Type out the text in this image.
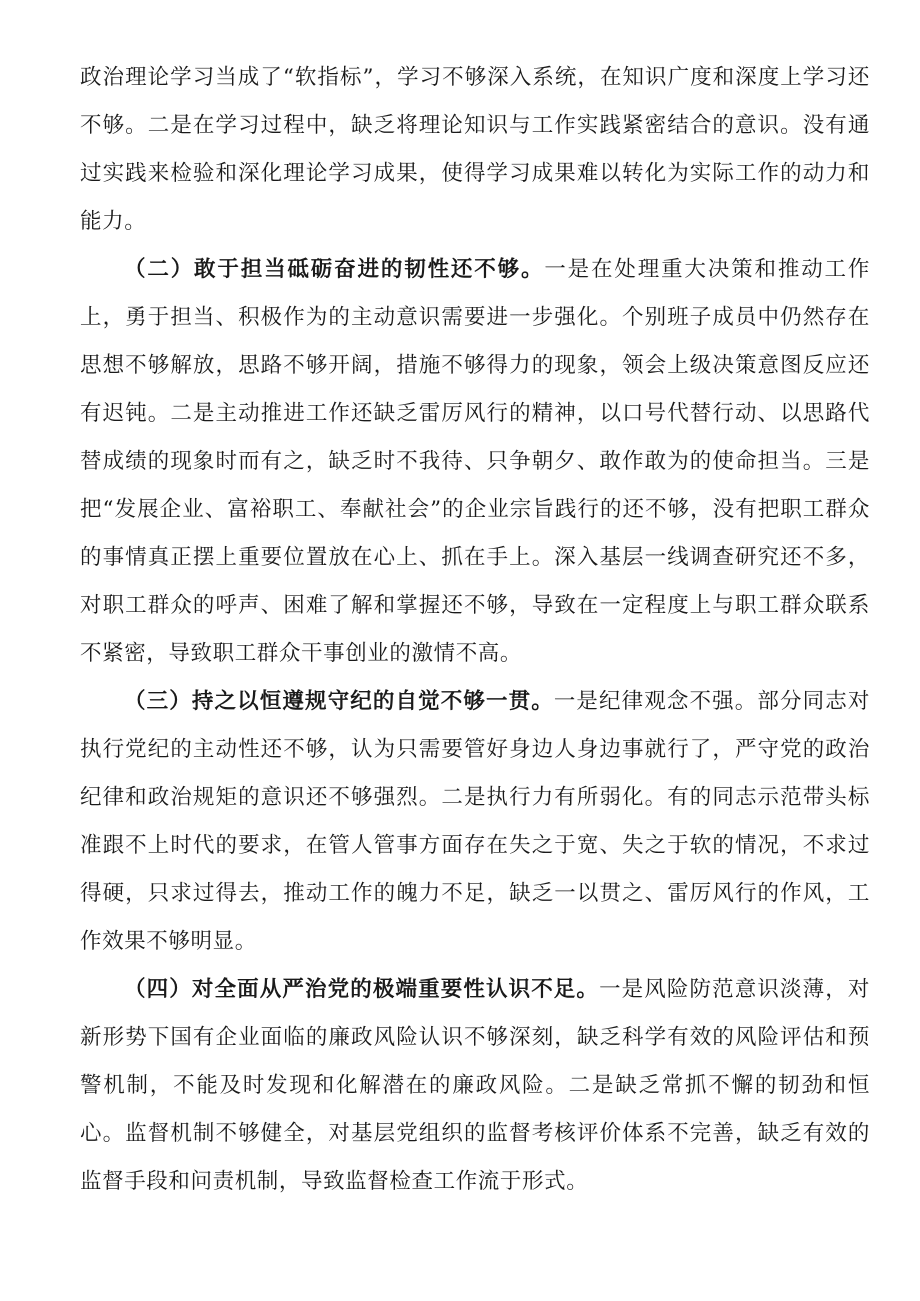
政治理论学习当成了“软指标”，学习不够深入系统，在知识广度和深度上学习还不够。二是在学习过程中，缺乏将理论知识与工作实践紧密结合的意识。没有通过实践来检验和深化理论学习成果，使得学习成果难以转化为实际工作的动力和能力。

（二）敢于担当砥砺奋进的韧性还不够。一是在处理重大决策和推动工作上，勇于担当、积极作为的主动意识需要进一步强化。个别班子成员中仍然存在思想不够解放，思路不够开阔，措施不够得力的现象，领会上级决策意图反应还有迟钝。二是主动推进工作还缺乏雷厉风行的精神，以口号代替行动、以思路代替成绩的现象时而有之，缺乏时不我待、只争朝夕、敢作敢为的使命担当。三是把“发展企业、富裕职工、奉献社会”的企业宗旨践行的还不够，没有把职工群众的事情真正摆上重要位置放在心上、抓在手上。深入基层一线调查研究还不多，对职工群众的呼声、困难了解和掌握还不够，导致在一定程度上与职工群众联系不紧密，导致职工群众干事创业的激情不高。

（三）持之以恒遵规守纪的自觉不够一贯。一是纪律观念不强。部分同志对执行党纪的主动性还不够，认为只需要管好身边人身边事就行了，严守党的政治纪律和政治规矩的意识还不够强烈。二是执行力有所弱化。有的同志示范带头标准跟不上时代的要求，在管人管事方面存在失之于宽、失之于软的情况，不求过得硬，只求过得去，推动工作的魄力不足，缺乏一以贯之、雷厉风行的作风，工作效果不够明显。

（四）对全面从严治党的极端重要性认识不足。一是风险防范意识淡薄，对新形势下国有企业面临的廉政风险认识不够深刻，缺乏科学有效的风险评估和预警机制，不能及时发现和化解潜在的廉政风险。二是缺乏常抓不懈的韧劲和恒心。监督机制不够健全，对基层党组织的监督考核评价体系不完善，缺乏有效的监督手段和问责机制，导致监督检查工作流于形式。
